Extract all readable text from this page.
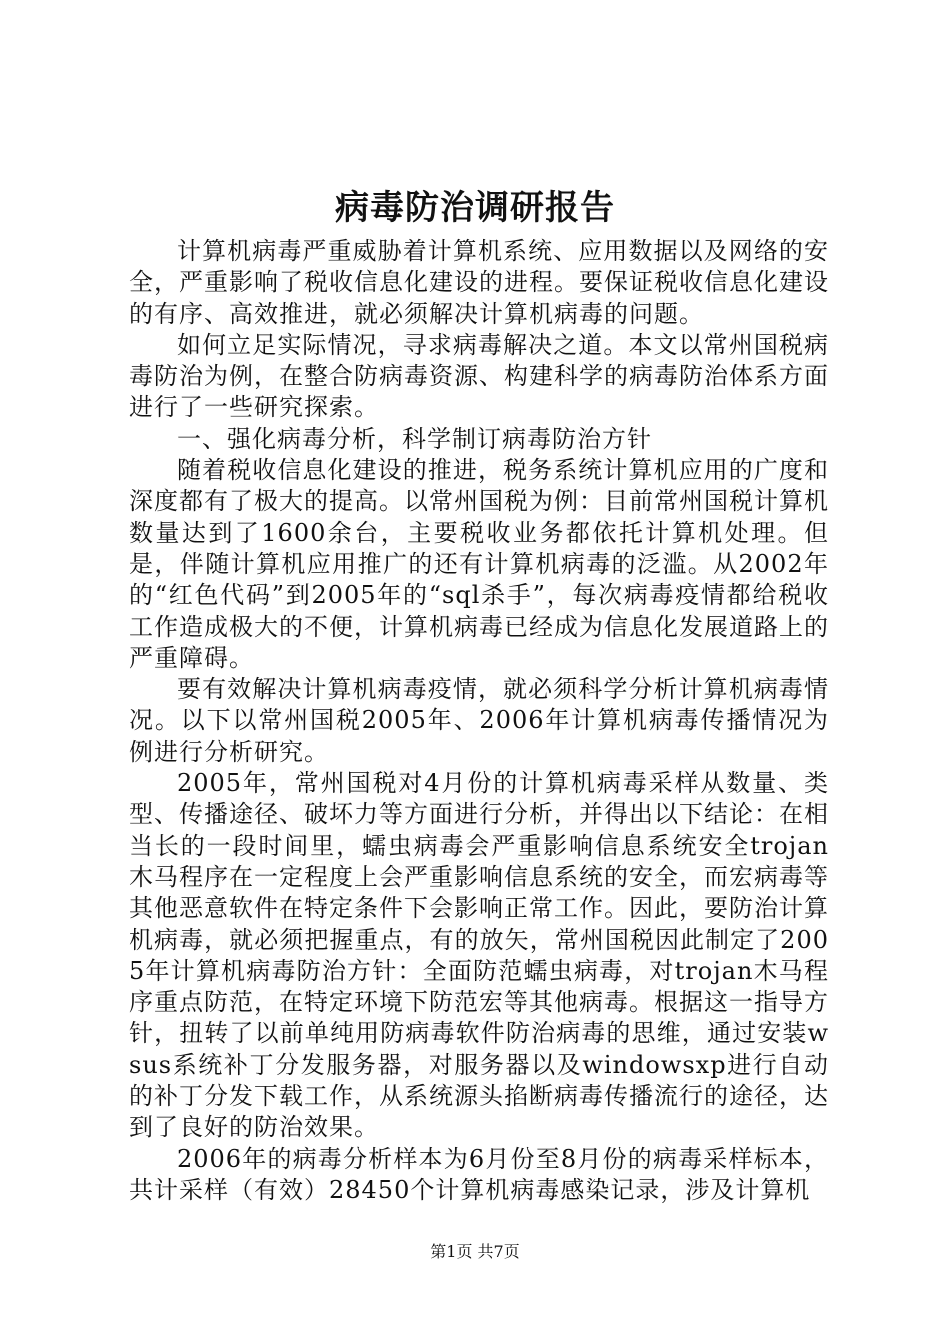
病毒防治调研报告

计算机病毒严重威胁着计算机系统、应用数据以及网络的安全，严重影响了税收信息化建设的进程。要保证税收信息化建设的有序、高效推进，就必须解决计算机病毒的问题。

如何立足实际情况，寻求病毒解决之道。本文以常州国税病毒防治为例，在整合防病毒资源、构建科学的病毒防治体系方面进行了一些研究探索。

一、强化病毒分析，科学制订病毒防治方针

随着税收信息化建设的推进，税务系统计算机应用的广度和深度都有了极大的提高。以常州国税为例：目前常州国税计算机数量达到了1600余台，主要税收业务都依托计算机处理。但是，伴随计算机应用推广的还有计算机病毒的泛滥。从2002年的“红色代码”到2005年的“sql杀手”，每次病毒疫情都给税收工作造成极大的不便，计算机病毒已经成为信息化发展道路上的严重障碍。

要有效解决计算机病毒疫情，就必须科学分析计算机病毒情况。以下以常州国税2005年、2006年计算机病毒传播情况为例进行分析研究。

2005年，常州国税对4月份的计算机病毒采样从数量、类型、传播途径、破坏力等方面进行分析，并得出以下结论：在相当长的一段时间里，蠕虫病毒会严重影响信息系统安全trojan木马程序在一定程度上会严重影响信息系统的安全，而宏病毒等其他恶意软件在特定条件下会影响正常工作。因此，要防治计算机病毒，就必须把握重点，有的放矢，常州国税因此制定了2005年计算机病毒防治方针：全面防范蠕虫病毒，对trojan木马程序重点防范，在特定环境下防范宏等其他病毒。根据这一指导方针，扭转了以前单纯用防病毒软件防治病毒的思维，通过安装wsus系统补丁分发服务器，对服务器以及windowsxp进行自动的补丁分发下载工作，从系统源头掐断病毒传播流行的途径，达到了良好的防治效果。

2006年的病毒分析样本为6月份至8月份的病毒采样标本，共计采样（有效）28450个计算机病毒感染记录，涉及计算机

第1页 共7页
